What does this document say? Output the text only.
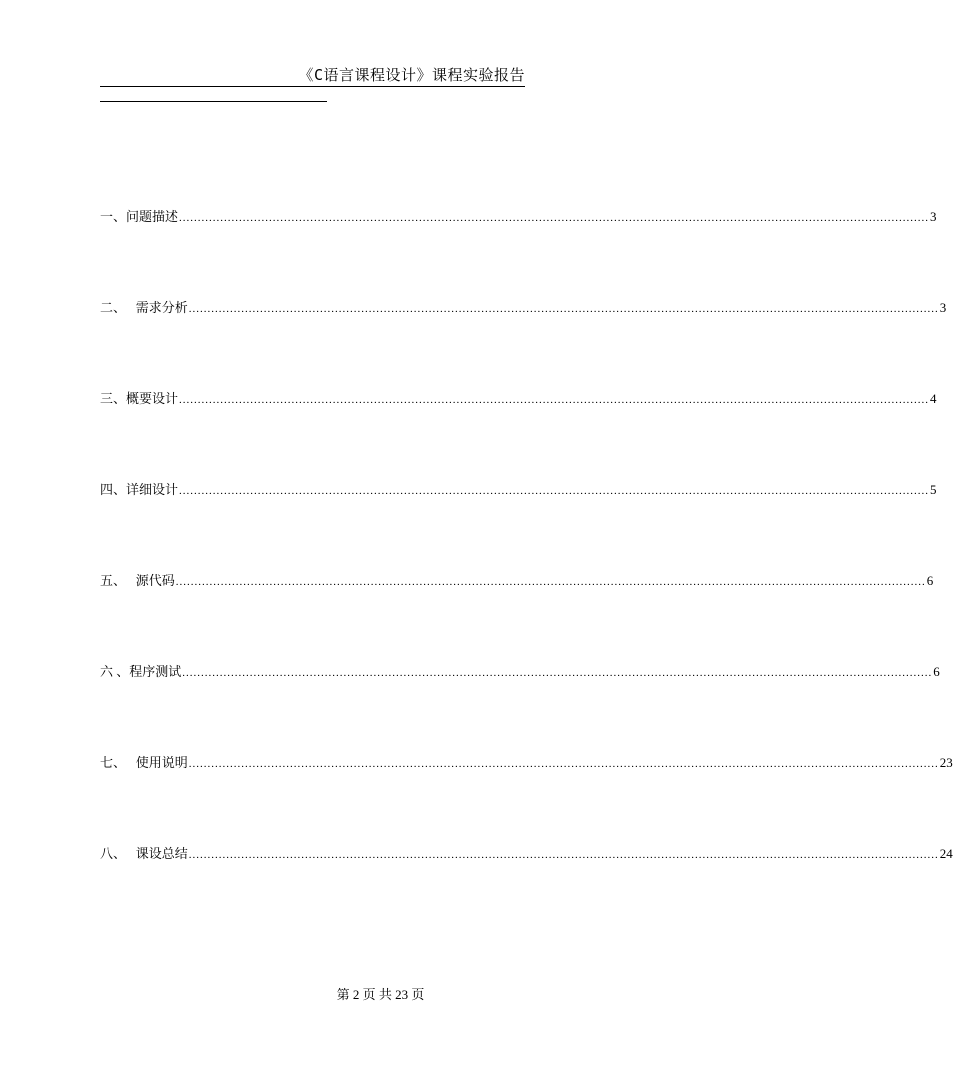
《C语言课程设计》课程实验报告
一、 问题描述 ........................................................................................................................................................................................................ 3
二、 需求分析 ........................................................................................................................................................................................................ 3
三、 概要设计 ........................................................................................................................................................................................................ 4
四、 详细设计 ........................................................................................................................................................................................................ 5
五、 源代码 ........................................................................................................................................................................................................ 6
六 、 程序测试 ........................................................................................................................................................................................................ 6
七、 使用说明 ........................................................................................................................................................................................................ 23
八、 课设总结 ........................................................................................................................................................................................................ 24
第 2 页 共 23 页
